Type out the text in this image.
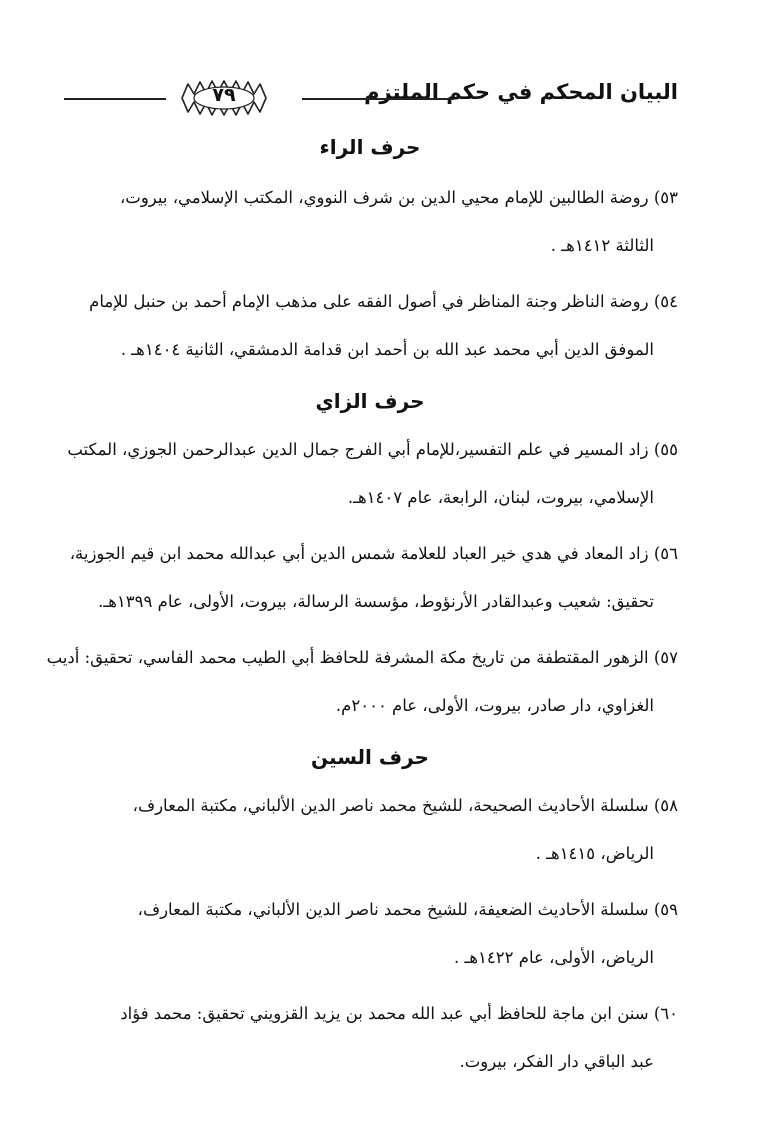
البيان المحكم في حكم الملتزم
٧٩
حرف الراء
٥٣) روضة الطالبين للإمام محيي الدين بن شرف النووي، المكتب الإسلامي، بيروت،
الثالثة ١٤١٢هـ .
٥٤) روضة الناظر وجنة المناظر في أصول الفقه على مذهب الإمام أحمد بن حنبل للإمام
الموفق الدين أبي محمد عبد الله بن أحمد ابن قدامة الدمشقي، الثانية ١٤٠٤هـ .
حرف الزاي
٥٥) زاد المسير في علم التفسير،للإمام أبي الفرج جمال الدين عبدالرحمن الجوزي، المكتب
الإسلامي، بيروت، لبنان، الرابعة، عام ١٤٠٧هـ.
٥٦) زاد المعاد في هدي خير العباد للعلامة شمس الدين أبي عبدالله محمد ابن قيم الجوزية،
تحقيق: شعيب وعبدالقادر الأرنؤوط، مؤسسة الرسالة، بيروت، الأولى، عام ١٣٩٩هـ.
٥٧) الزهور المقتطفة من تاريخ مكة المشرفة للحافظ أبي الطيب محمد الفاسي، تحقيق: أديب
الغزاوي، دار صادر، بيروت، الأولى، عام ٢٠٠٠م.
حرف السين
٥٨) سلسلة الأحاديث الصحيحة، للشيخ محمد ناصر الدين الألباني، مكتبة المعارف،
الرياض، ١٤١٥هـ .
٥٩) سلسلة الأحاديث الضعيفة، للشيخ محمد ناصر الدين الألباني، مكتبة المعارف،
الرياض، الأولى، عام ١٤٢٢هـ .
٦٠) سنن ابن ماجة للحافظ أبي عبد الله محمد بن يزيد القزويني تحقيق: محمد فؤاد
عبد الباقي دار الفكر، بيروت.
